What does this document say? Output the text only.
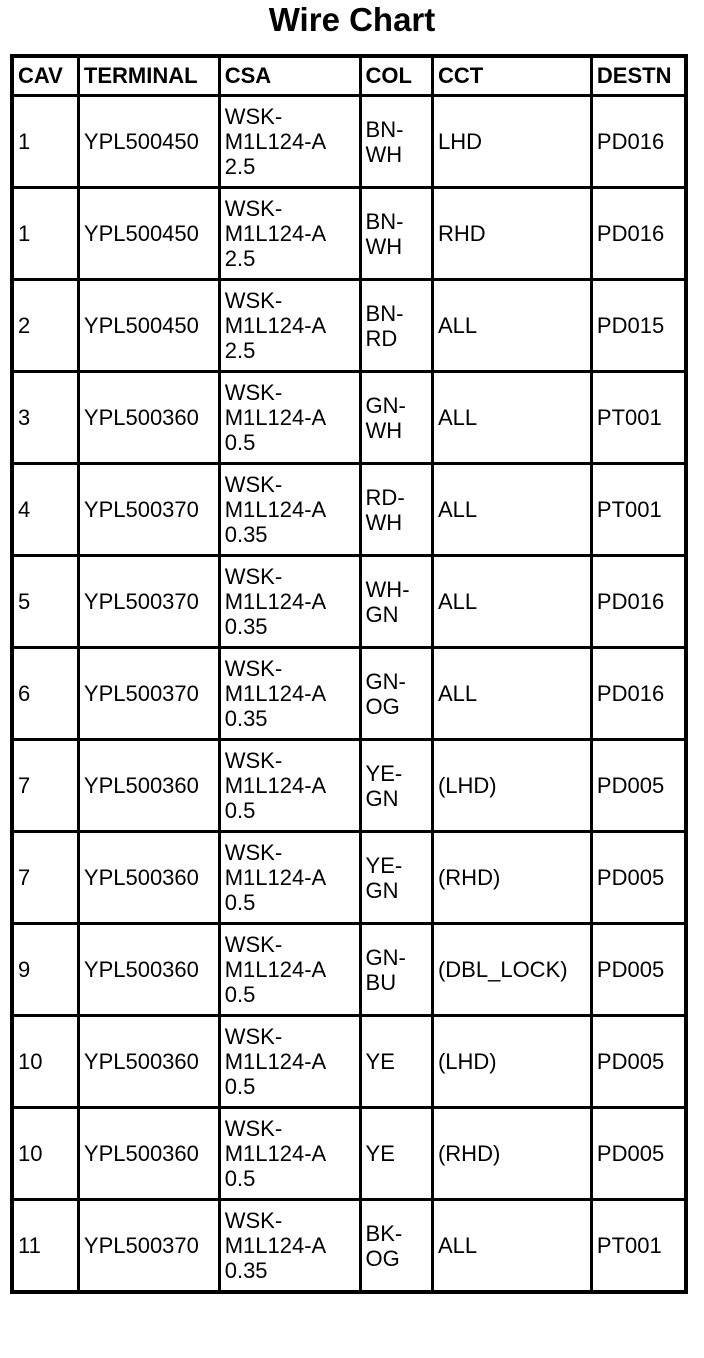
Wire Chart
CAV	TERMINAL	CSA	COL	CCT	DESTN
1	YPL500450	WSK-
M1L124-A
2.5	BN-
WH	LHD	PD016
1	YPL500450	WSK-
M1L124-A
2.5	BN-
WH	RHD	PD016
2	YPL500450	WSK-
M1L124-A
2.5	BN-
RD	ALL	PD015
3	YPL500360	WSK-
M1L124-A
0.5	GN-
WH	ALL	PT001
4	YPL500370	WSK-
M1L124-A
0.35	RD-
WH	ALL	PT001
5	YPL500370	WSK-
M1L124-A
0.35	WH-
GN	ALL	PD016
6	YPL500370	WSK-
M1L124-A
0.35	GN-
OG	ALL	PD016
7	YPL500360	WSK-
M1L124-A
0.5	YE-
GN	(LHD)	PD005
7	YPL500360	WSK-
M1L124-A
0.5	YE-
GN	(RHD)	PD005
9	YPL500360	WSK-
M1L124-A
0.5	GN-
BU	(DBL_LOCK)	PD005
10	YPL500360	WSK-
M1L124-A
0.5	YE	(LHD)	PD005
10	YPL500360	WSK-
M1L124-A
0.5	YE	(RHD)	PD005
11	YPL500370	WSK-
M1L124-A
0.35	BK-
OG	ALL	PT001
